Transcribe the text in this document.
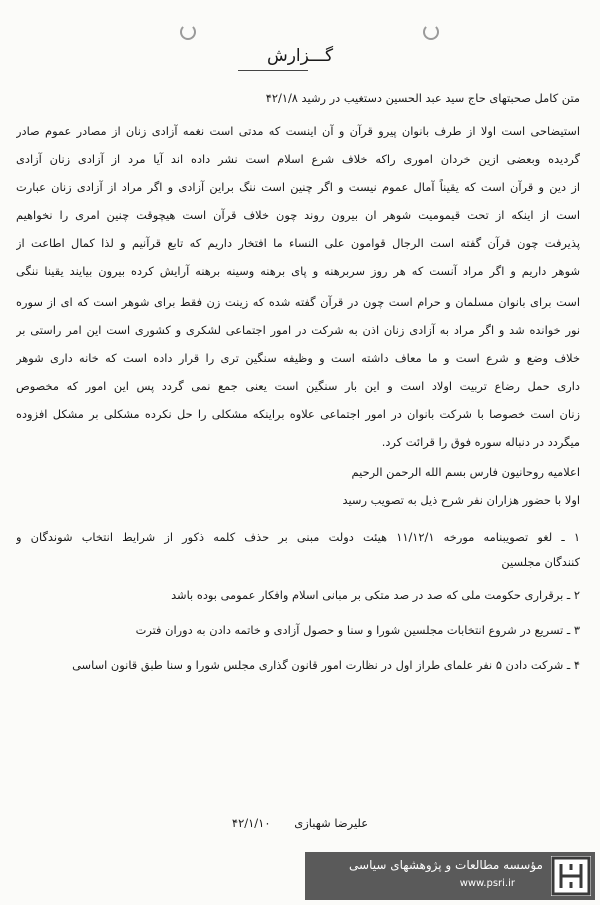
گـــزارش
متن کامل صحبتهای حاج سید عبد الحسین دستغیب در رشید ۴۲/۱/۸
استیضاحی است اولا از طرف بانوان پیرو قرآن و آن اینست که مدتی است نغمه آزادی زنان از مصادر عموم صادر
گردیده وبعضی ازین خردان اموری راکه خلاف شرع اسلام است نشر داده اند آیا مرد از آزادی زنان آزادی
از دین و قرآن است که یقیناً آمال عموم نیست و اگر چنین است ننگ براین آزادی و اگر مراد از آزادی زنان عبارت
است از اینکه از تحت قیمومیت شوهر ان بیرون روند چون خلاف قرآن است هیچوقت چنین امری را نخواهیم
پذیرفت چون قرآن گفته است الرجال قوامون علی النساء ما افتخار داریم که تابع قرآنیم و لذا کمال اطاعت از
شوهر داریم و اگر مراد آنست که هر روز سربرهنه و پای برهنه وسینه برهنه آرایش کرده بیرون بیایند یقینا ننگی
است برای بانوان مسلمان و حرام است چون در قرآن گفته شده که زینت زن فقط برای شوهر است که ای از سوره
نور خوانده شد و اگر مراد به آزادی زنان اذن به شرکت در امور اجتماعی لشکری و کشوری است این امر راستی بر
خلاف وضع و شرع است و ما معاف داشته است و وظیفه سنگین تری را قرار داده است که خانه داری شوهر
داری حمل رضاع تربیت اولاد است و این بار سنگین است یعنی جمع نمی گردد پس این امور که مخصوص
زنان است خصوصا با شرکت بانوان در امور اجتماعی علاوه براینکه مشکلی را حل نکرده مشکلی بر مشکل افزوده
میگردد در دنباله سوره فوق را قرائت کرد.
اعلامیه روحانیون فارس بسم الله الرحمن الرحیم
اولا با حضور هزاران نفر شرح ذیل به تصویب رسید
۱ ـ لغو تصویبنامه مورخه ۱۱/۱۲/۱ هیئت دولت مبنی بر حذف کلمه ذکور از شرایط انتخاب شوندگان و
کنندگان مجلسین
۲ ـ برقراری حکومت ملی که صد در صد متکی بر مبانی اسلام وافکار عمومی بوده باشد
۳ ـ تسریع در شروع انتخابات مجلسین شورا و سنا و حصول آزادی و خاتمه دادن به دوران فترت
۴ ـ شرکت دادن ۵ نفر علمای طراز اول در نظارت امور قانون گذاری مجلس شورا و سنا طبق قانون اساسی
علیرضا شهبازی ۴۲/۱/۱۰
مؤسسه مطالعات و پژوهشهای سیاسی
www.psri.ir
